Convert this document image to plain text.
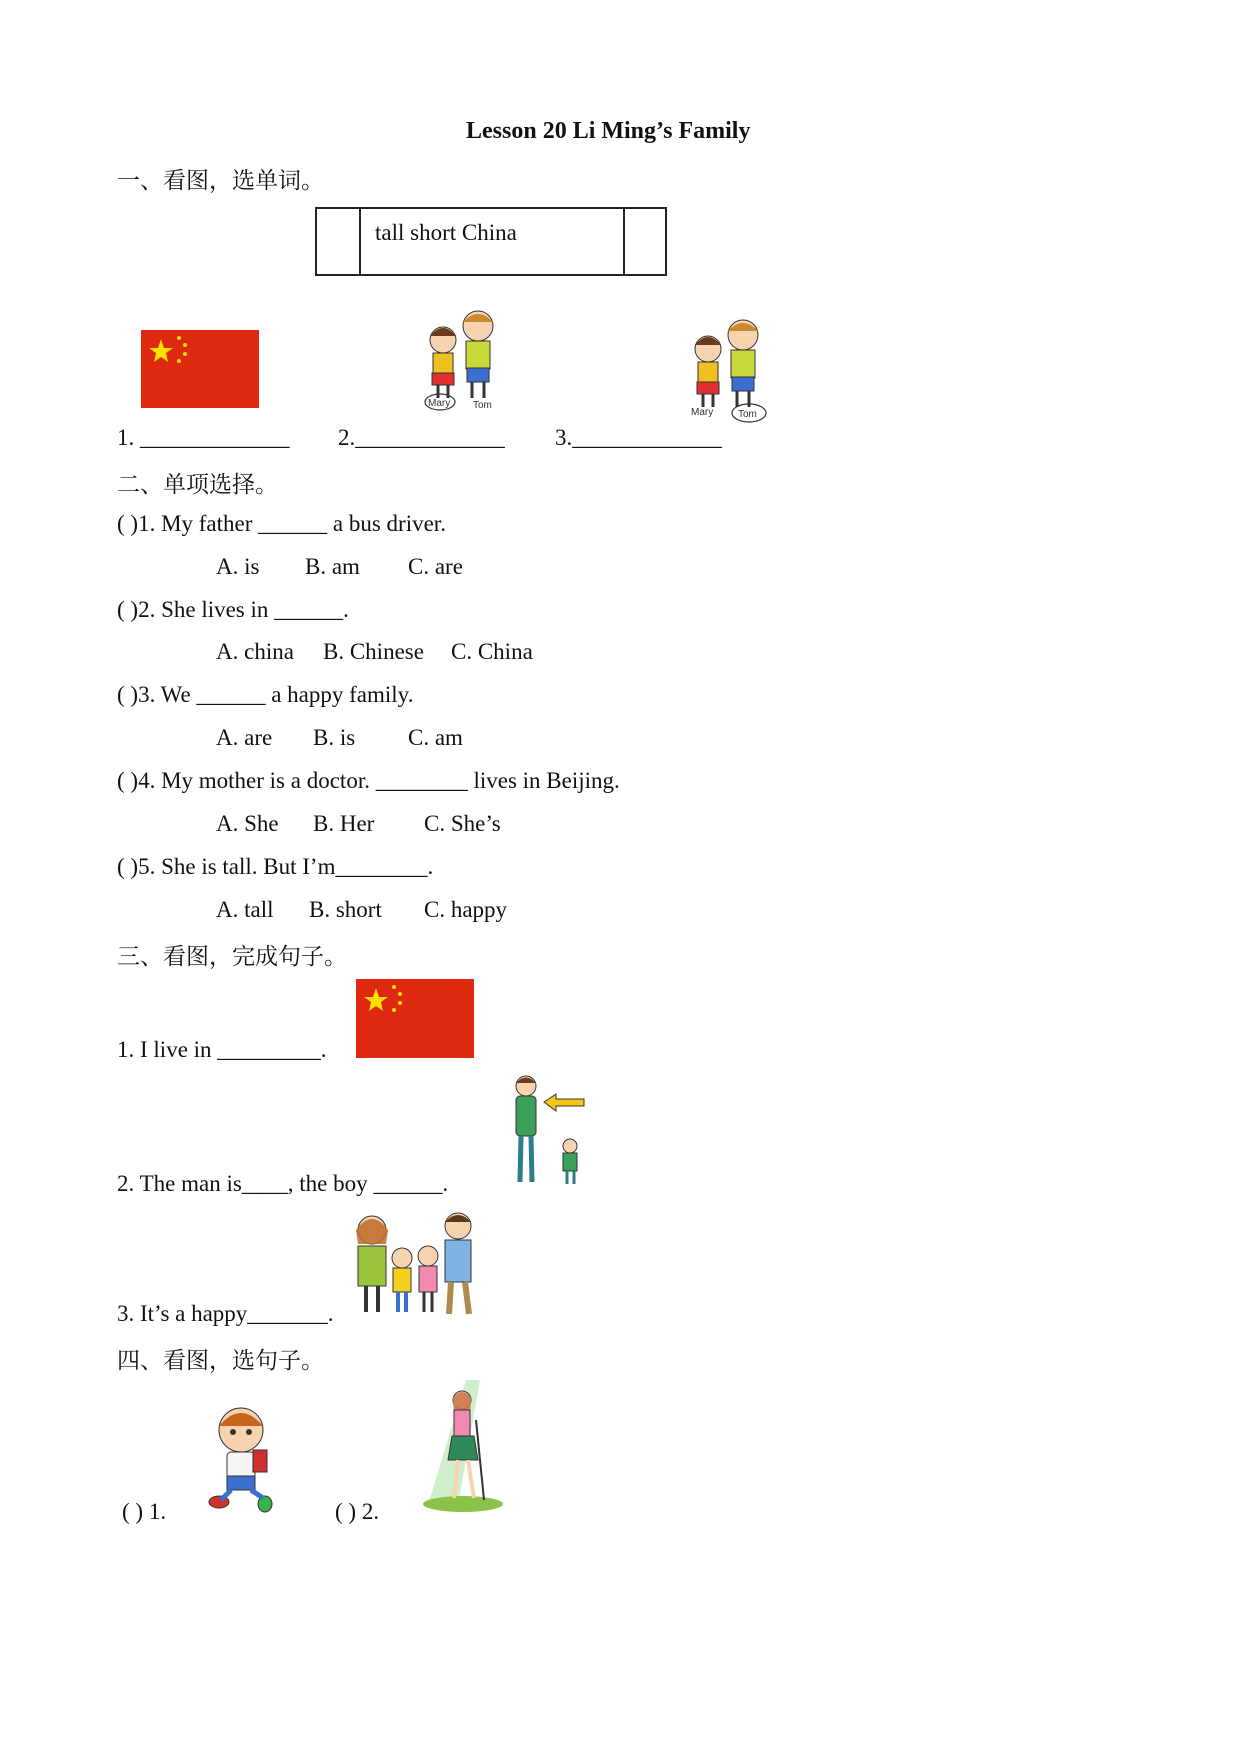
Lesson 20 Li Ming’s Family
一、看图，选单词。
tall short China
Mary Tom
Mary Tom
1. _____________ 2._____________ 3._____________
二、单项选择。
( )1. My father ______ a bus driver.
A. is B. am C. are
( )2. She lives in ______.
A. china B. Chinese C. China
( )3. We ______ a happy family.
A. are B. is C. am
( )4. My mother is a doctor. ________ lives in Beijing.
A. She B. Her C. She’s
( )5. She is tall. But I’m________.
A. tall B. short C. happy
三、看图，完成句子。
1. I live in _________.
2. The man is____, the boy ______.
3. It’s a happy_______.
四、看图，选句子。
( ) 1.	( ) 2.
